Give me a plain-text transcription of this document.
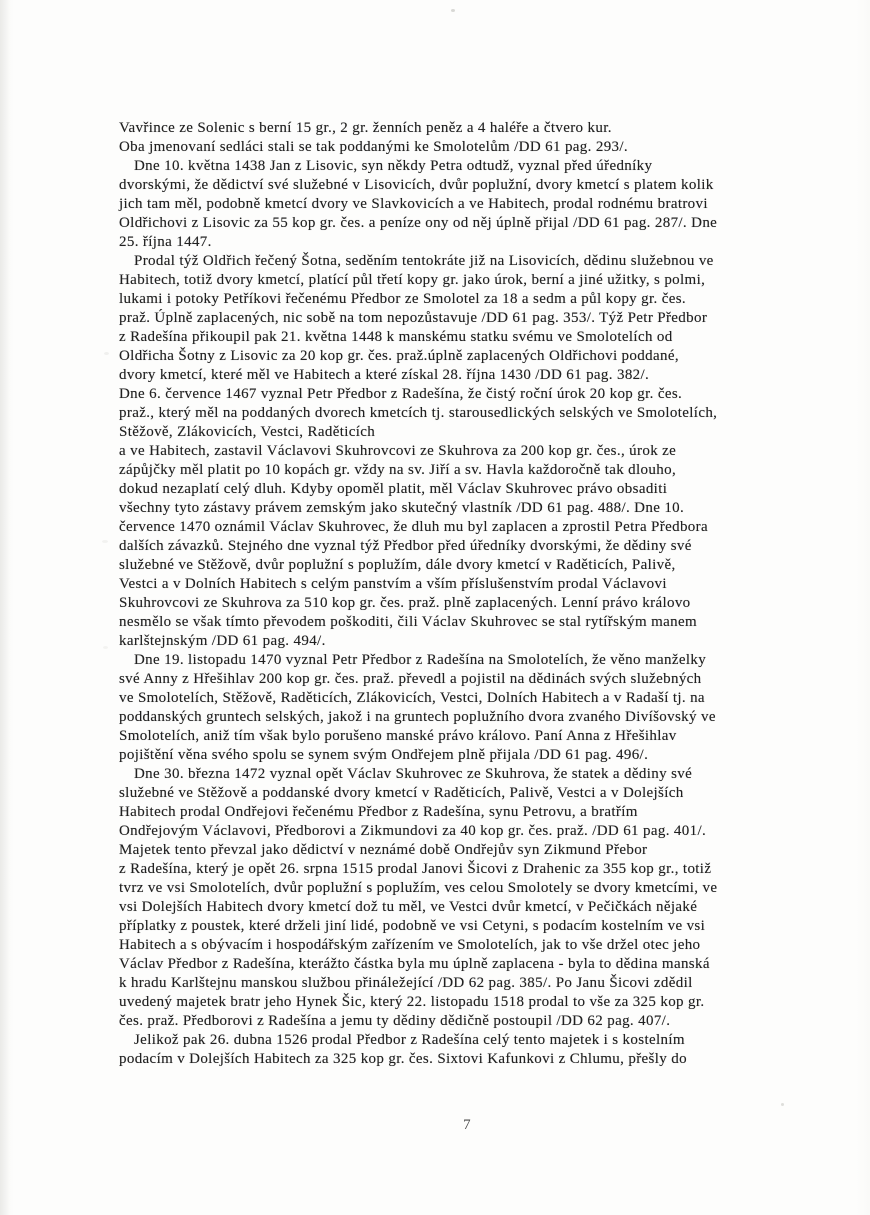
Vavřince ze Solenic s berní 15 gr., 2 gr. ženních peněz a 4 haléře a čtvero kur.
Oba jmenovaní sedláci stali se tak poddanými ke Smolotelům /DD 61 pag. 293/.
Dne 10. května 1438 Jan z Lisovic, syn někdy Petra odtudž, vyznal před úředníky
dvorskými, že dědictví své služebné v Lisovicích, dvůr poplužní, dvory kmetcí s platem kolik
jich tam měl, podobně kmetcí dvory ve Slavkovicích a ve Habitech, prodal rodnému bratrovi
Oldřichovi z Lisovic za 55 kop gr. čes. a peníze ony od něj úplně přijal /DD 61 pag. 287/. Dne
25. října 1447.
Prodal týž Oldřich řečený Šotna, seděním tentokráte již na Lisovicích, dědinu služebnou ve
Habitech, totiž dvory kmetcí, platící půl třetí kopy gr. jako úrok, berní a jiné užitky, s polmi,
lukami i potoky Petříkovi řečenému Předbor ze Smolotel za 18 a sedm a půl kopy gr. čes.
praž. Úplně zaplacených, nic sobě na tom nepozůstavuje /DD 61 pag. 353/. Týž Petr Předbor
z Radešína přikoupil pak 21. května 1448 k manskému statku svému ve Smolotelích od
Oldřicha Šotny z Lisovic za 20 kop gr. čes. praž.úplně zaplacených Oldřichovi poddané,
dvory kmetcí, které měl ve Habitech a které získal 28. října 1430 /DD 61 pag. 382/.
Dne 6. července 1467 vyznal Petr Předbor z Radešína, že čistý roční úrok 20 kop gr. čes.
praž., který měl na poddaných dvorech kmetcích tj. starousedlických selských ve Smolotelích,
Stěžově, Zlákovicích, Vestci, Raděticích
a ve Habitech, zastavil Václavovi Skuhrovcovi ze Skuhrova za 200 kop gr. čes., úrok ze
zápůjčky měl platit po 10 kopách gr. vždy na sv. Jiří a sv. Havla každoročně tak dlouho,
dokud nezaplatí celý dluh. Kdyby opoměl platit, měl Václav Skuhrovec právo obsaditi
všechny tyto zástavy právem zemským jako skutečný vlastník /DD 61 pag. 488/. Dne 10.
července 1470 oznámil Václav Skuhrovec, že dluh mu byl zaplacen a zprostil Petra Předbora
dalších závazků. Stejného dne vyznal týž Předbor před úředníky dvorskými, že dědiny své
služebné ve Stěžově, dvůr poplužní s poplužím, dále dvory kmetcí v Raděticích, Palivě,
Vestci a v Dolních Habitech s celým panstvím a vším příslušenstvím prodal Václavovi
Skuhrovcovi ze Skuhrova za 510 kop gr. čes. praž. plně zaplacených. Lenní právo královo
nesmělo se však tímto převodem poškoditi, čili Václav Skuhrovec se stal rytířským manem
karlštejnským /DD 61 pag. 494/.
Dne 19. listopadu 1470 vyznal Petr Předbor z Radešína na Smolotelích, že věno manželky
své Anny z Hřešihlav 200 kop gr. čes. praž. převedl a pojistil na dědinách svých služebných
ve Smolotelích, Stěžově, Raděticích, Zlákovicích, Vestci, Dolních Habitech a v Radaší tj. na
poddanských gruntech selských, jakož i na gruntech poplužního dvora zvaného Divíšovský ve
Smolotelích, aniž tím však bylo porušeno manské právo královo. Paní Anna z Hřešihlav
pojištění věna svého spolu se synem svým Ondřejem plně přijala /DD 61 pag. 496/.
Dne 30. března 1472 vyznal opět Václav Skuhrovec ze Skuhrova, že statek a dědiny své
služebné ve Stěžově a poddanské dvory kmetcí v Raděticích, Palivě, Vestci a v Dolejších
Habitech prodal Ondřejovi řečenému Předbor z Radešína, synu Petrovu, a bratřím
Ondřejovým Václavovi, Předborovi a Zikmundovi za 40 kop gr. čes. praž. /DD 61 pag. 401/.
Majetek tento převzal jako dědictví v neznámé době Ondřejův syn Zikmund Přebor
z Radešína, který je opět 26. srpna 1515 prodal Janovi Šicovi z Drahenic za 355 kop gr., totiž
tvrz ve vsi Smolotelích, dvůr poplužní s poplužím, ves celou Smolotely se dvory kmetcími, ve
vsi Dolejších Habitech dvory kmetcí dož tu měl, ve Vestci dvůr kmetcí, v Pečičkách nějaké
příplatky z poustek, které drželi jiní lidé, podobně ve vsi Cetyni, s podacím kostelním ve vsi
Habitech a s obývacím i hospodářským zařízením ve Smolotelích, jak to vše držel otec jeho
Václav Předbor z Radešína, kterážto částka byla mu úplně zaplacena - byla to dědina manská
k hradu Karlštejnu manskou službou přináležející /DD 62 pag. 385/. Po Janu Šicovi zdědil
uvedený majetek bratr jeho Hynek Šic, který 22. listopadu 1518 prodal to vše za 325 kop gr.
čes. praž. Předborovi z Radešína a jemu ty dědiny dědičně postoupil /DD 62 pag. 407/.
Jelikož pak 26. dubna 1526 prodal Předbor z Radešína celý tento majetek i s kostelním
podacím v Dolejších Habitech za 325 kop gr. čes. Sixtovi Kafunkovi z Chlumu, přešly do
7
